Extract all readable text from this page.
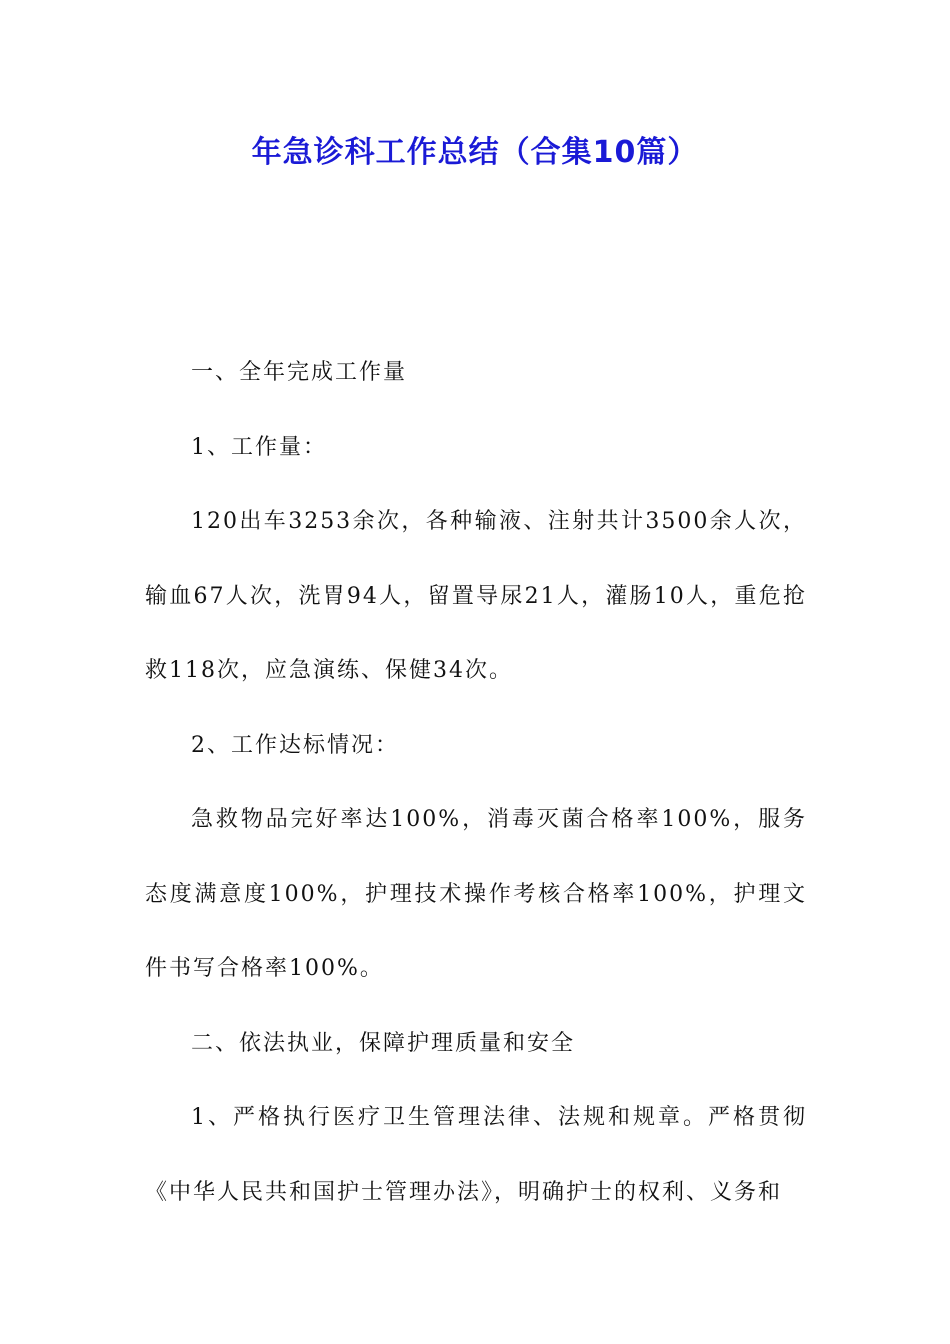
年急诊科工作总结（合集10篇）

一、全年完成工作量

1、工作量：

120出车3253余次，各种输液、注射共计3500余人次，输血67人次，洗胃94人，留置导尿21人，灌肠10人，重危抢救118次，应急演练、保健34次。

2、工作达标情况：

急救物品完好率达100%，消毒灭菌合格率100%，服务态度满意度100%，护理技术操作考核合格率100%，护理文件书写合格率100%。

二、依法执业，保障护理质量和安全

1、严格执行医疗卫生管理法律、法规和规章。严格贯彻《中华人民共和国护士管理办法》，明确护士的权利、义务和
